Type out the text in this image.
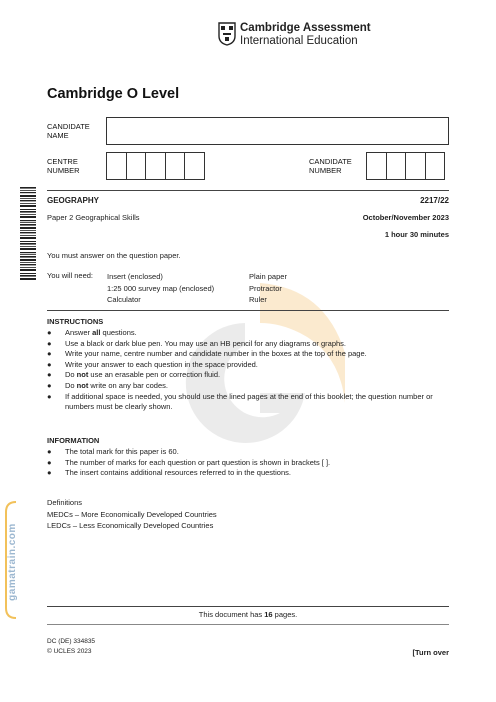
Cambridge Assessment
International Education
Cambridge O Level
CANDIDATE
NAME
CENTRE
NUMBER
CANDIDATE
NUMBER
GEOGRAPHY	2217/22
Paper 2 Geographical Skills	October/November 2023
1 hour 30 minutes
You must answer on the question paper.
You will need: Insert (enclosed)
1:25 000 survey map (enclosed)
Calculator
Plain paper
Protractor
Ruler
INSTRUCTIONS
●	Answer all questions.
●	Use a black or dark blue pen. You may use an HB pencil for any diagrams or graphs.
●	Write your name, centre number and candidate number in the boxes at the top of the page.
●	Write your answer to each question in the space provided.
●	Do not use an erasable pen or correction fluid.
●	Do not write on any bar codes.
●	If additional space is needed, you should use the lined pages at the end of this booklet; the question number or numbers must be clearly shown.
INFORMATION
●	The total mark for this paper is 60.
●	The number of marks for each question or part question is shown in brackets [ ].
●	The insert contains additional resources referred to in the questions.
Definitions
MEDCs – More Economically Developed Countries
LEDCs – Less Economically Developed Countries
gamatrain.com
This document has 16 pages.
DC (DE) 334835
© UCLES 2023	[Turn over
